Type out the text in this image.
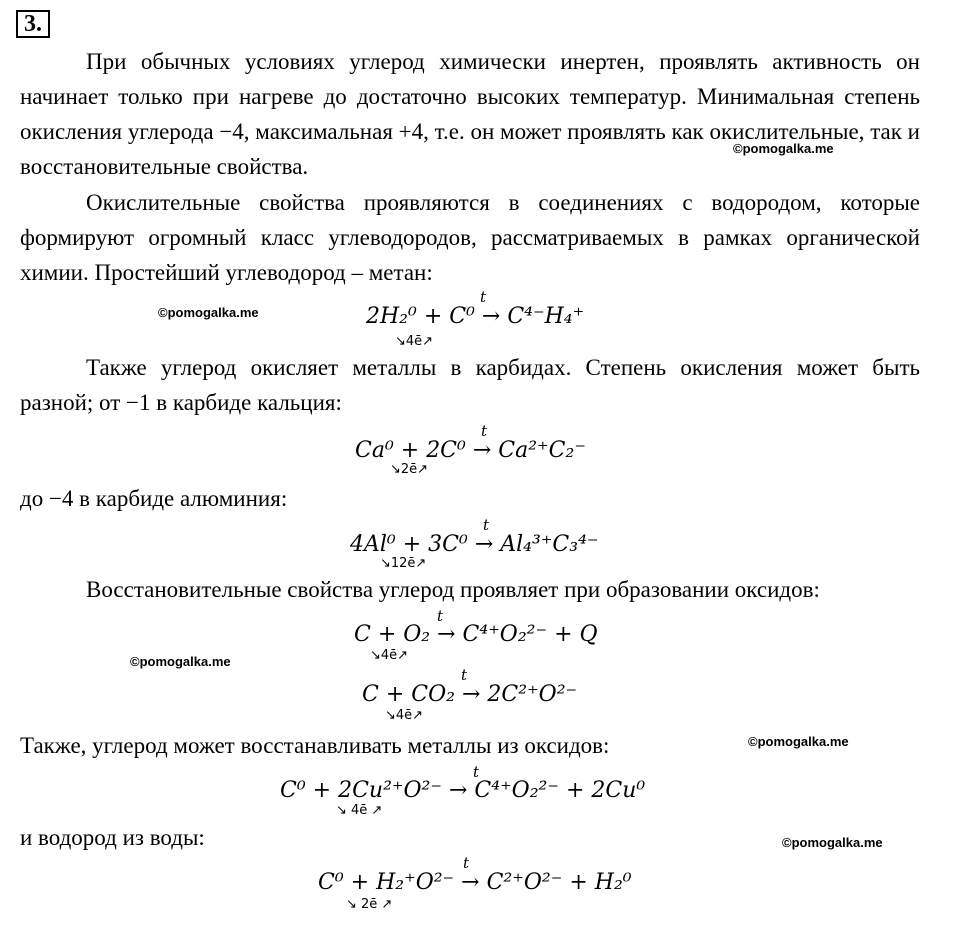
3.

При обычных условиях углерод химически инертен, проявлять активность он начинает только при нагреве до достаточно высоких температур. Минимальная степень окисления углерода −4, максимальная +4, т.е. он может проявлять как окислительные, так и восстановительные свойства.

©pomogalka.me

Окислительные свойства проявляются в соединениях с водородом, которые формируют огромный класс углеводородов, рассматриваемых в рамках органической химии. Простейший углеводород – метан:

©pomogalka.me
t
2H₂⁰ + C⁰ → C⁴⁻H₄⁺
↘4ē↗

Также углерод окисляет металлы в карбидах. Степень окисления может быть разной; от −1 в карбиде кальция:

t
Ca⁰ + 2C⁰ → Ca²⁺C₂⁻
↘2ē↗
до −4 в карбиде алюминия:
t
4Al⁰ + 3C⁰ → Al₄³⁺C₃⁴⁻
↘12ē↗

Восстановительные свойства углерод проявляет при образовании оксидов:

t
C + O₂ → C⁴⁺O₂²⁻ + Q
↘4ē↗
©pomogalka.me
t
C + CO₂ → 2C²⁺O²⁻
↘4ē↗
Также, углерод может восстанавливать металлы из оксидов:	©pomogalka.me
t
C⁰ + 2Cu²⁺O²⁻ → C⁴⁺O₂²⁻ + 2Cu⁰
↘ 4ē ↗
и водород из воды:	©pomogalka.me
t
C⁰ + H₂⁺O²⁻ → C²⁺O²⁻ + H₂⁰
↘ 2ē ↗
